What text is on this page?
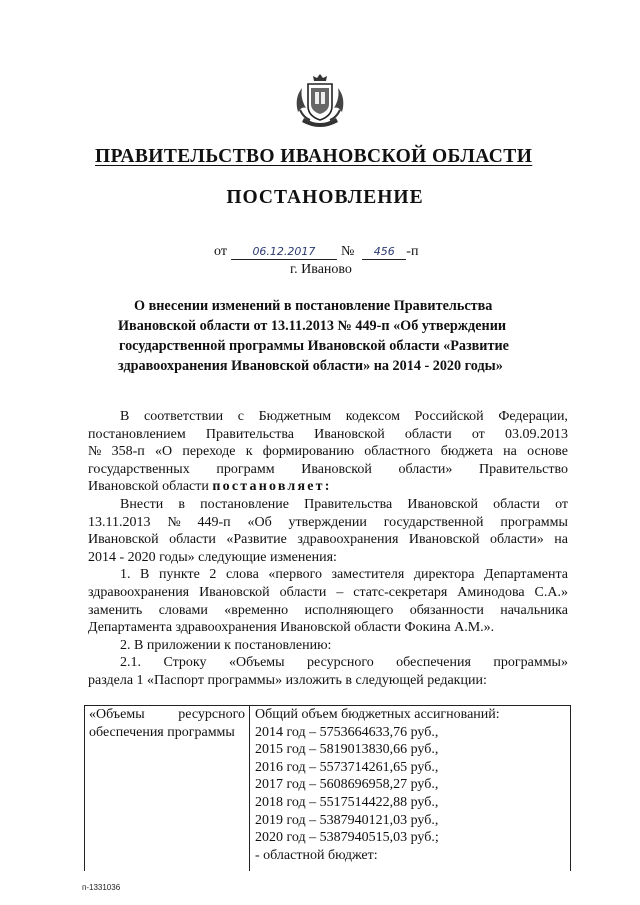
ПРАВИТЕЛЬСТВО ИВАНОВСКОЙ ОБЛАСТИ
ПОСТАНОВЛЕНИЕ
от 06.12.2017 № 456 -п
г. Иваново
О внесении изменений в постановление Правительства
Ивановской области от 13.11.2013 № 449-п «Об утверждении
государственной программы Ивановской области «Развитие
здравоохранения Ивановской области» на 2014 - 2020 годы»
В соответствии с Бюджетным кодексом Российской Федерации,
постановлением Правительства Ивановской области от 03.09.2013
№ 358-п «О переходе к формированию областного бюджета на основе
государственных программ Ивановской области» Правительство
Ивановской области постановляет:
Внести в постановление Правительства Ивановской области от
13.11.2013 № 449-п «Об утверждении государственной программы
Ивановской области «Развитие здравоохранения Ивановской области» на
2014 - 2020 годы» следующие изменения:
1. В пункте 2 слова «первого заместителя директора Департамента
здравоохранения Ивановской области – статс-секретаря Аминодова С.А.»
заменить словами «временно исполняющего обязанности начальника
Департамента здравоохранения Ивановской области Фокина А.М.».
2. В приложении к постановлению:
2.1. Строку «Объемы ресурсного обеспечения программы»
раздела 1 «Паспорт программы» изложить в следующей редакции:
«Объемы ресурсного
обеспечения программы
Общий объем бюджетных ассигнований:
2014 год – 5753664633,76 руб.,
2015 год – 5819013830,66 руб.,
2016 год – 5573714261,65 руб.,
2017 год – 5608696958,27 руб.,
2018 год – 5517514422,88 руб.,
2019 год – 5387940121,03 руб.,
2020 год – 5387940515,03 руб.;
- областной бюджет:
п-1331036
